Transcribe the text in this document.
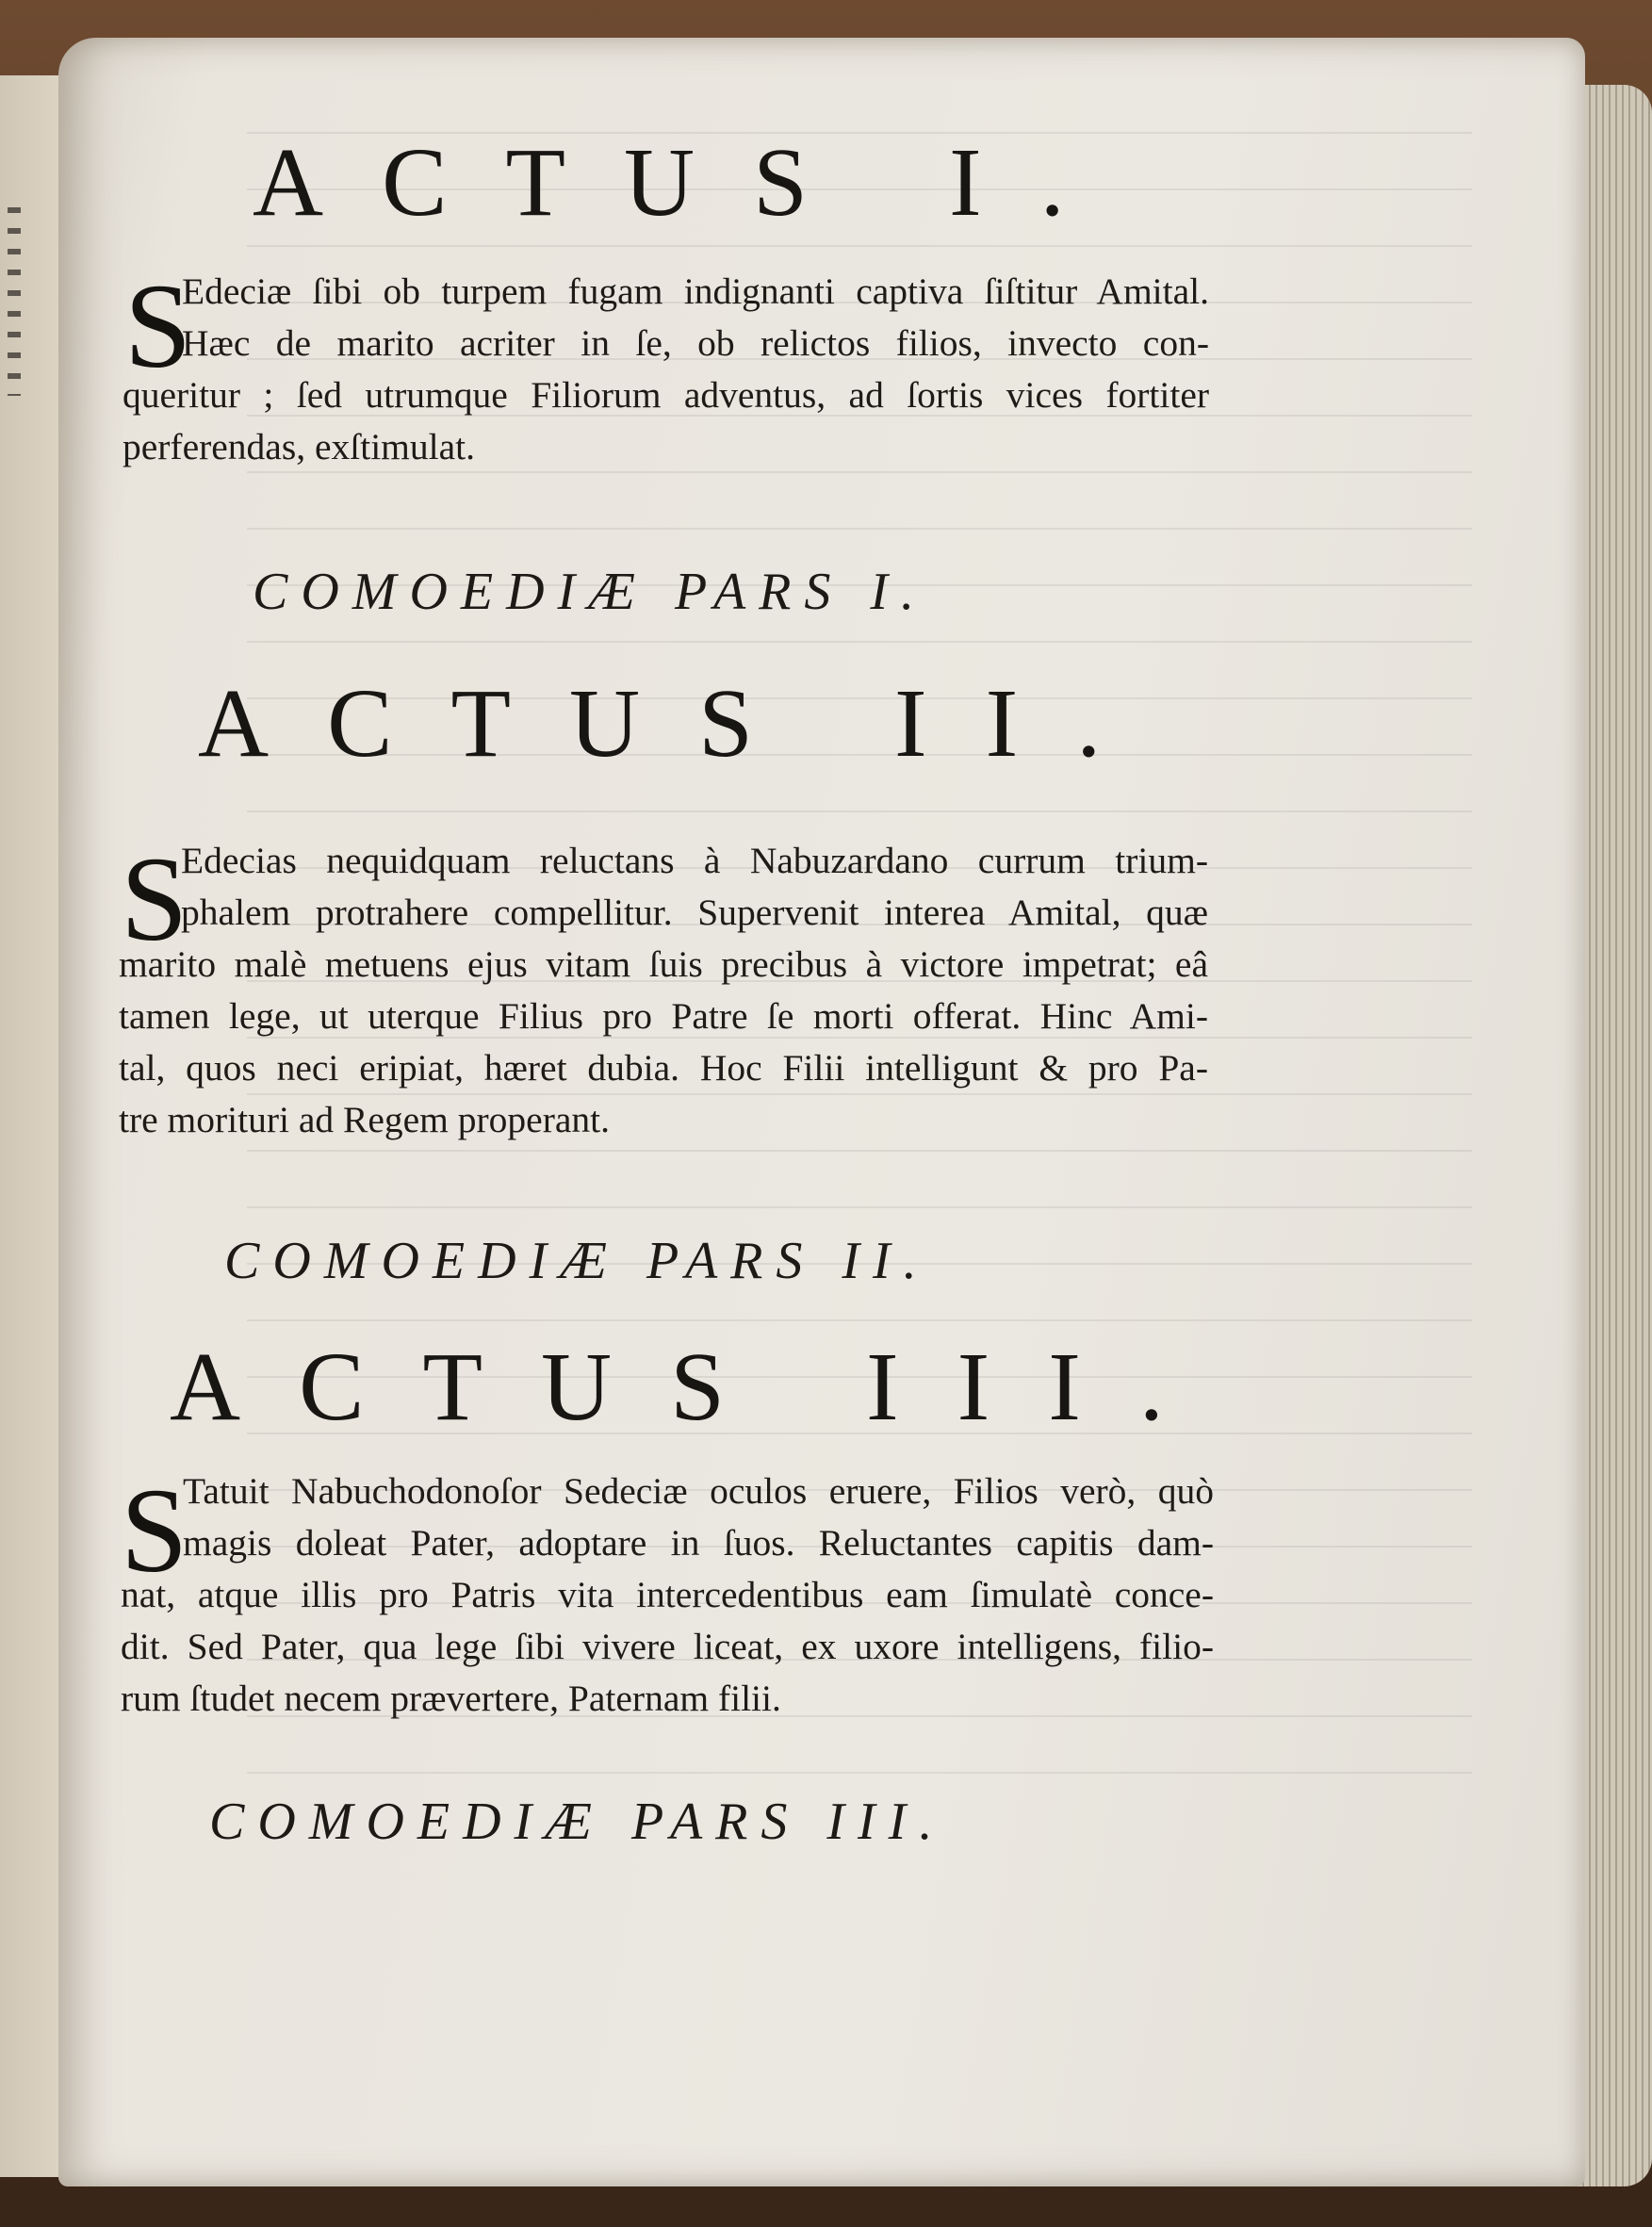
ACTUS I.
S
Edeciæ ſibi ob turpem fugam indignanti captiva ſiſtitur Amital.
Hæc de marito acriter in ſe, ob relictos filios, invecto con-
queritur ; ſed utrumque Filiorum adventus, ad ſortis vices fortiter
perferendas, exſtimulat.
COMOEDIÆ PARS I.
ACTUS II.
S
Edecias nequidquam reluctans à Nabuzardano currum trium-
phalem protrahere compellitur. Supervenit interea Amital, quæ
marito malè metuens ejus vitam ſuis precibus à victore impetrat; eâ
tamen lege, ut uterque Filius pro Patre ſe morti offerat. Hinc Ami-
tal, quos neci eripiat, hæret dubia. Hoc Filii intelligunt & pro Pa-
tre morituri ad Regem properant.
COMOEDIÆ PARS II.
ACTUS III.
S
Tatuit Nabuchodonoſor Sedeciæ oculos eruere, Filios verò, quò
magis doleat Pater, adoptare in ſuos. Reluctantes capitis dam-
nat, atque illis pro Patris vita intercedentibus eam ſimulatè conce-
dit. Sed Pater, qua lege ſibi vivere liceat, ex uxore intelligens, filio-
rum ſtudet necem prævertere, Paternam filii.
COMOEDIÆ PARS III.
